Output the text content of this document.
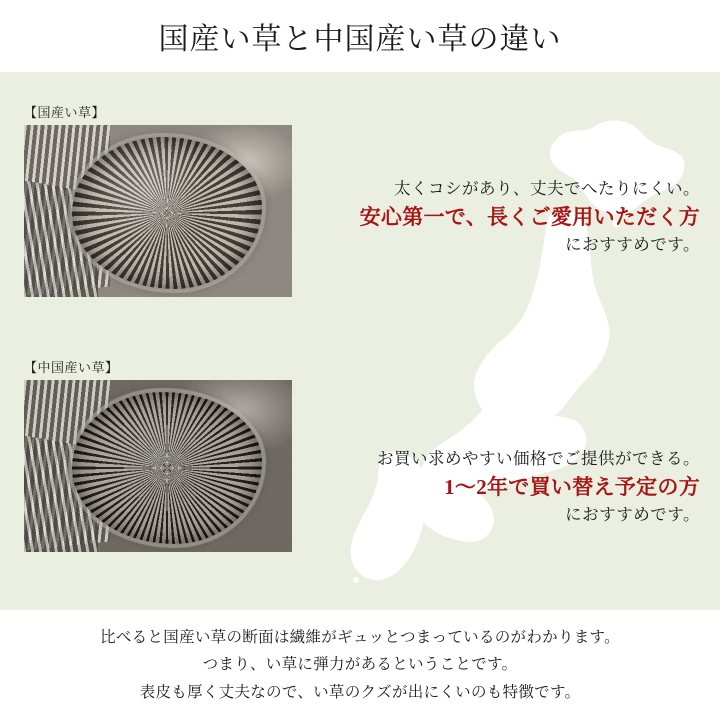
国産い草と中国産い草の違い
【国産い草】
太くコシがあり、丈夫でへたりにくい。
安心第一で、長くご愛用いただく方
におすすめです。
【中国産い草】
お買い求めやすい価格でご提供ができる。
1〜2年で買い替え予定の方
におすすめです。

比べると国産い草の断面は繊維がギュッとつまっているのがわかります。

つまり、い草に弾力があるということです。

表皮も厚く丈夫なので、い草のクズが出にくいのも特徴です。
